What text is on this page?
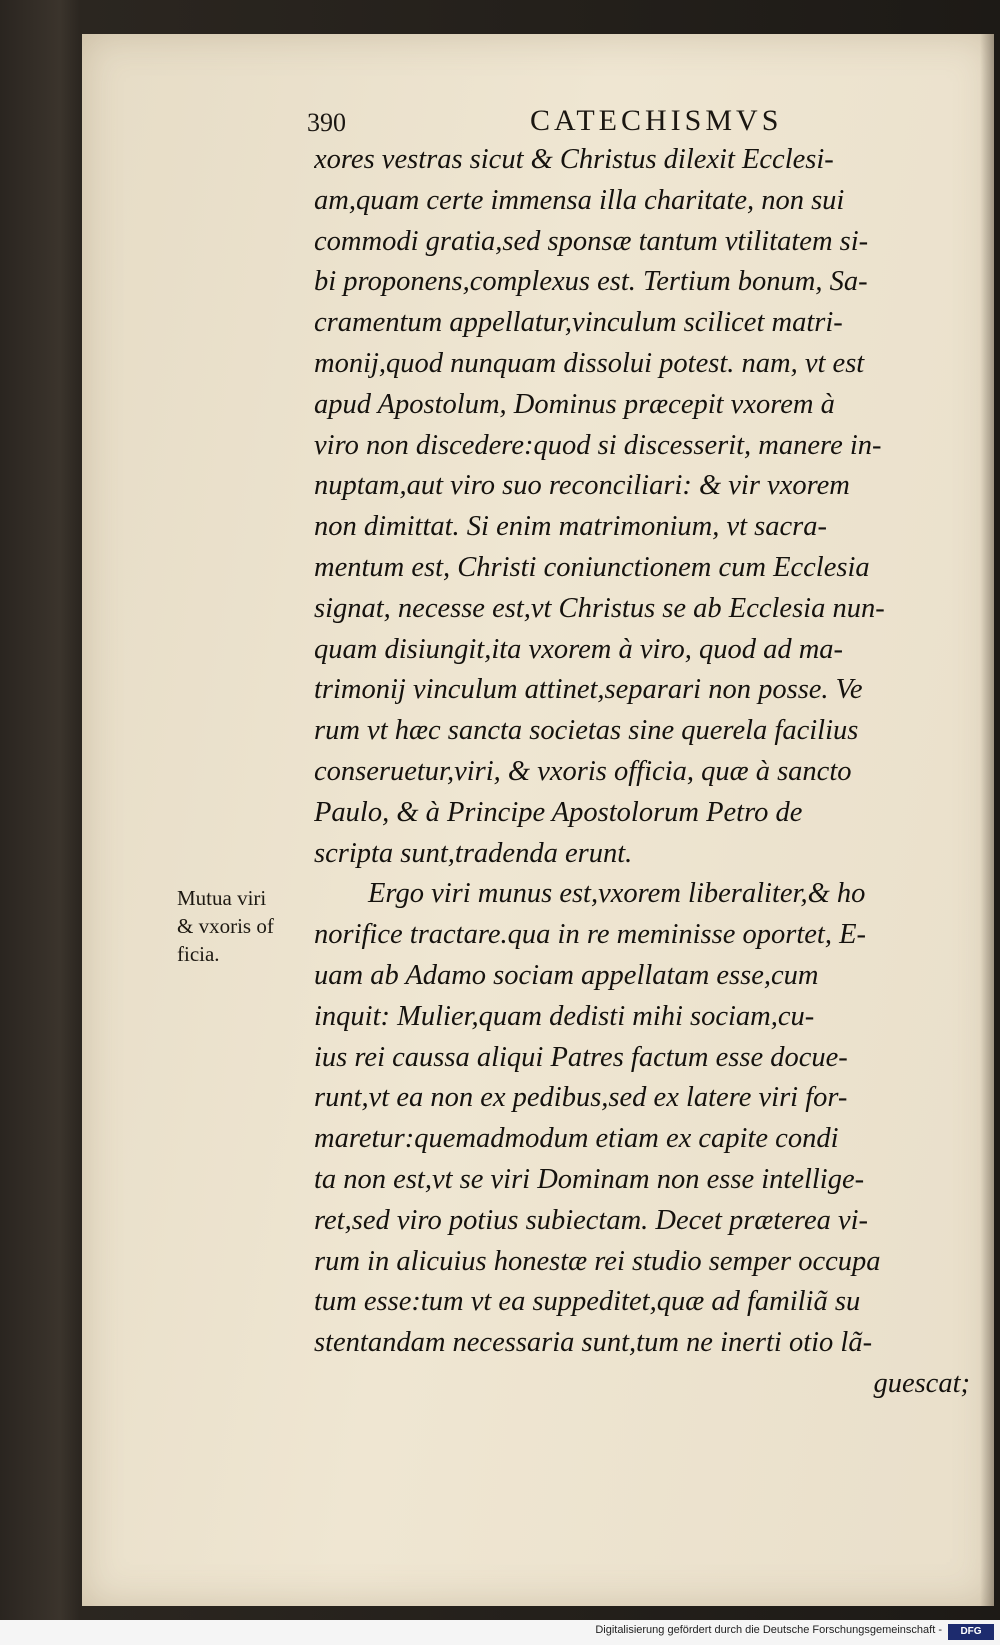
390	CATECHISMVS
xores vestras sicut & Christus dilexit Ecclesi-
am,quam certe immensa illa charitate, non sui
commodi gratia,sed sponsæ tantum vtilitatem si-
bi proponens,complexus est. Tertium bonum, Sa-
cramentum appellatur,vinculum scilicet matri-
monij,quod nunquam dissolui potest. nam, vt est
apud Apostolum, Dominus præcepit vxorem à
viro non discedere:quod si discesserit, manere in-
nuptam,aut viro suo reconciliari: & vir vxorem
non dimittat. Si enim matrimonium, vt sacra-
mentum est, Christi coniunctionem cum Ecclesia
signat, necesse est,vt Christus se ab Ecclesia nun-
quam disiungit,ita vxorem à viro, quod ad ma-
trimonij vinculum attinet,separari non posse. Ve
rum vt hæc sancta societas sine querela facilius
conseruetur,viri, & vxoris officia, quæ à sancto
Paulo, & à Principe Apostolorum Petro de
scripta sunt,tradenda erunt.
Ergo viri munus est,vxorem liberaliter,& ho
norifice tractare.qua in re meminisse oportet, E-
uam ab Adamo sociam appellatam esse,cum
inquit: Mulier,quam dedisti mihi sociam,cu-
ius rei caussa aliqui Patres factum esse docue-
runt,vt ea non ex pedibus,sed ex latere viri for-
maretur:quemadmodum etiam ex capite condi
ta non est,vt se viri Dominam non esse intellige-
ret,sed viro potius subiectam. Decet præterea vi-
rum in alicuius honestæ rei studio semper occupa
tum esse:tum vt ea suppeditet,quæ ad familiã su
stentandam necessaria sunt,tum ne inerti otio lã-
guescat;
Mutua viri
& vxoris of
ficia.
Digitalisierung gefördert durch die Deutsche Forschungsgemeinschaft -	DFG
